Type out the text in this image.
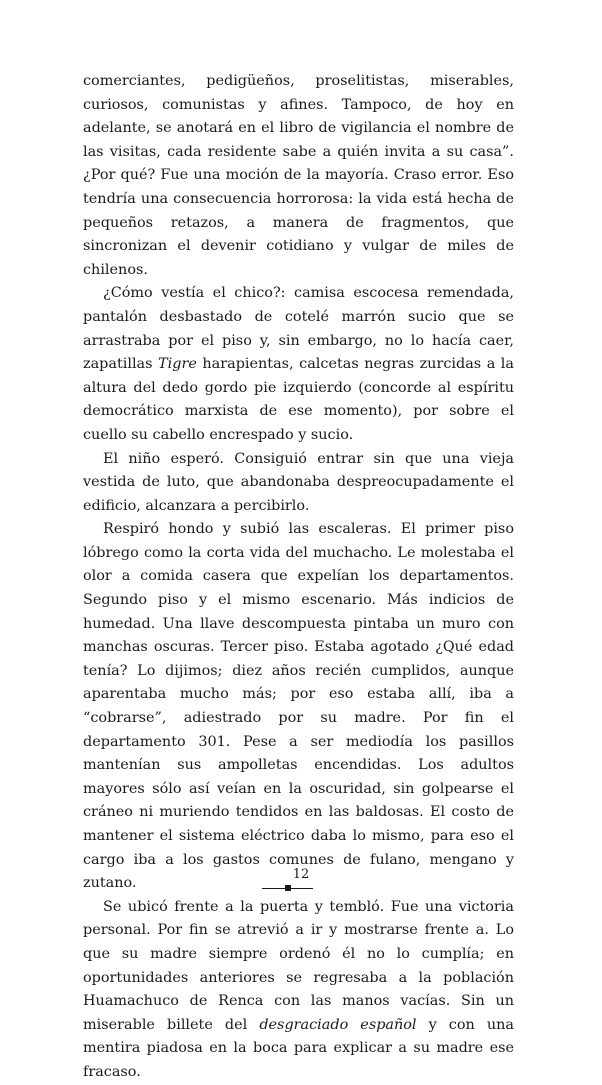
comerciantes, pedigüeños, proselitistas, miserables, curiosos, comunistas y afines. Tampoco, de hoy en adelante, se anotará en el libro de vigilancia el nombre de las visitas, cada residente sabe a quién invita a su casa”. ¿Por qué? Fue una moción de la mayoría. Craso error. Eso tendría una consecuencia horrorosa: la vida está hecha de pequeños retazos, a manera de fragmentos, que sincronizan el devenir cotidiano y vulgar de miles de chilenos.

¿Cómo vestía el chico?: camisa escocesa remendada, pantalón desbastado de cotelé marrón sucio que se arrastraba por el piso y, sin embargo, no lo hacía caer, zapatillas Tigre harapientas, calcetas negras zurcidas a la altura del dedo gordo pie izquierdo (concorde al espíritu democrático marxista de ese momento), por sobre el cuello su cabello encrespado y sucio.

El niño esperó. Consiguió entrar sin que una vieja vestida de luto, que abandonaba despreocupadamente el edificio, alcanzara a percibirlo.

Respiró hondo y subió las escaleras. El primer piso lóbrego como la corta vida del muchacho. Le molestaba el olor a comida casera que expelían los departamentos. Segundo piso y el mismo escenario. Más indicios de humedad. Una llave descompuesta pintaba un muro con manchas oscuras. Tercer piso. Estaba agotado ¿Qué edad tenía? Lo dijimos; diez años recién cumplidos, aunque aparentaba mucho más; por eso estaba allí, iba a “cobrarse”, adiestrado por su madre. Por fin el departamento 301. Pese a ser mediodía los pasillos mantenían sus ampolletas encendidas. Los adultos mayores sólo así veían en la oscuridad, sin golpearse el cráneo ni muriendo tendidos en las baldosas. El costo de mantener el sistema eléctrico daba lo mismo, para eso el cargo iba a los gastos comunes de fulano, mengano y zutano.

Se ubicó frente a la puerta y tembló. Fue una victoria personal. Por fin se atrevió a ir y mostrarse frente a. Lo que su madre siempre ordenó él no lo cumplía; en oportunidades anteriores se regresaba a la población Huamachuco de Renca con las manos vacías. Sin un miserable billete del desgraciado español y con una mentira piadosa en la boca para explicar a su madre ese fracaso.

12
